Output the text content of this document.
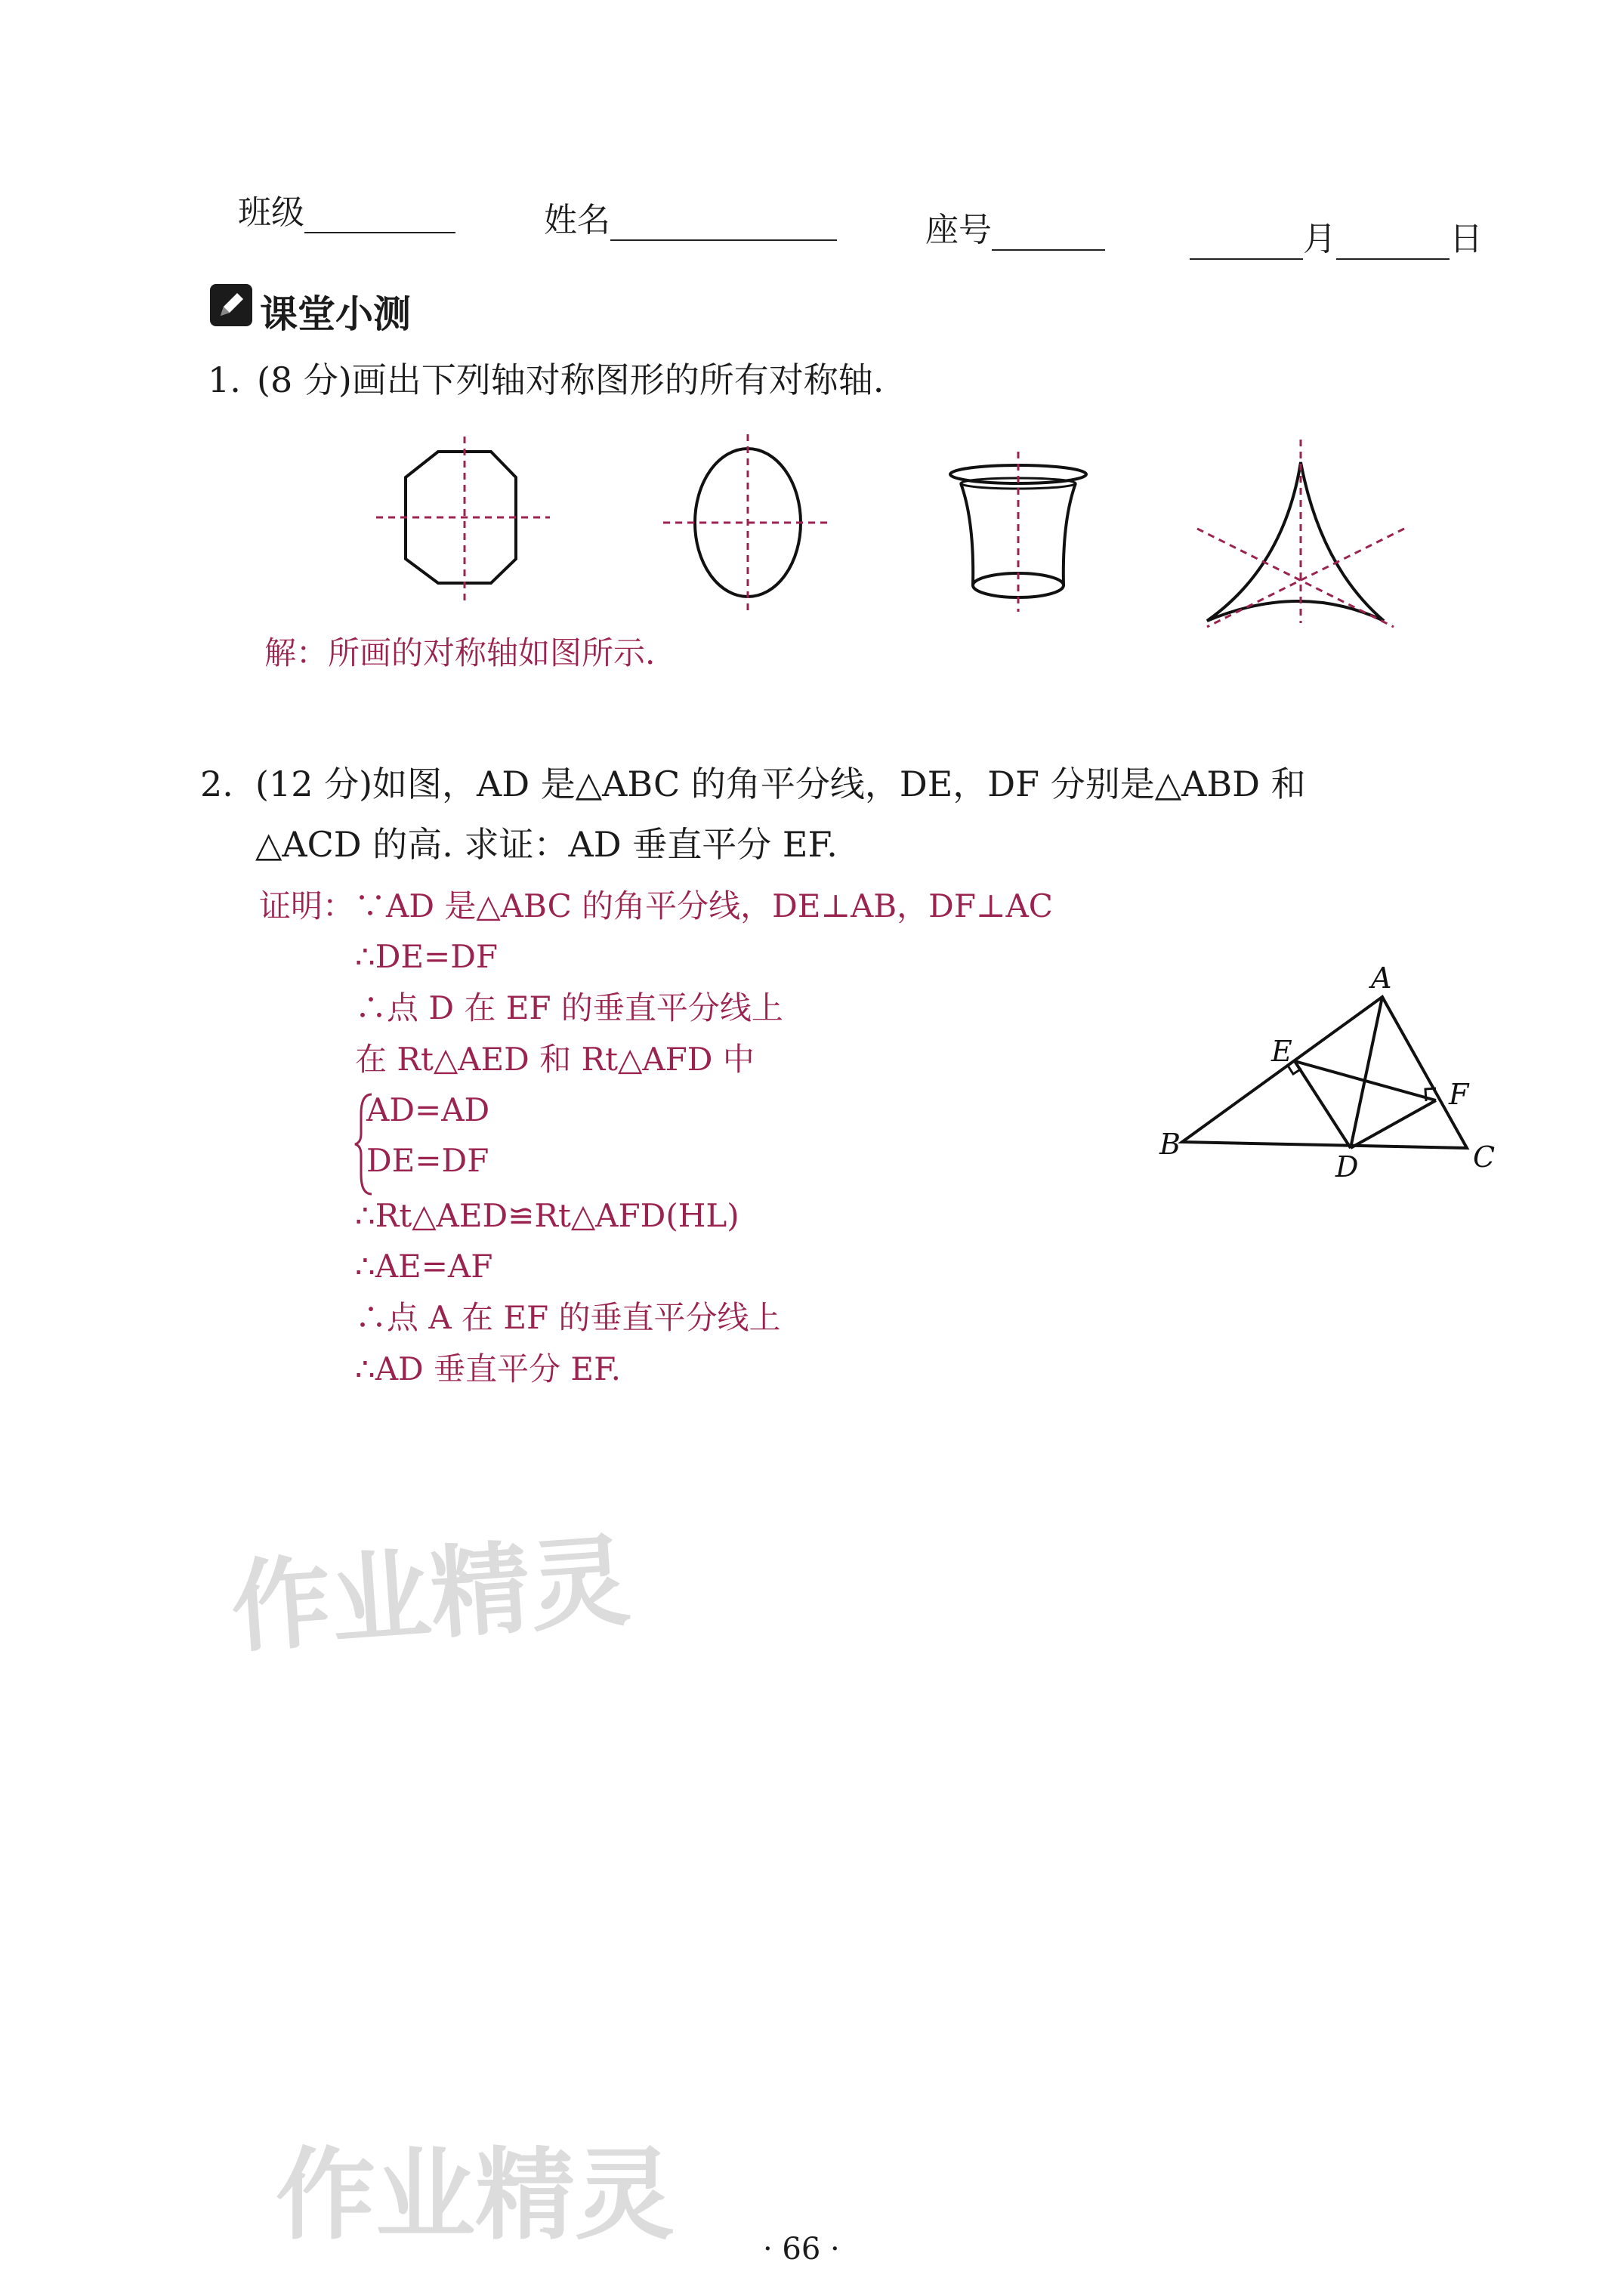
班级	姓名	座号	月	日
课堂小测
1. (8 分)画出下列轴对称图形的所有对称轴.
解：所画的对称轴如图所示.
2. (12 分)如图，AD 是△ABC 的角平分线，DE，DF 分别是△ABD 和
△ACD 的高. 求证：AD 垂直平分 EF.
证明：∵AD 是△ABC 的角平分线，DE⊥AB，DF⊥AC
∴DE=DF
∴点 D 在 EF 的垂直平分线上
在 Rt△AED 和 Rt△AFD 中
AD=AD
DE=DF
∴Rt△AED≌Rt△AFD(HL)
∴AE=AF
∴点 A 在 EF 的垂直平分线上
∴AD 垂直平分 EF.
A
B	C
D
E
F
作业精灵
作业精灵	· 66 ·
